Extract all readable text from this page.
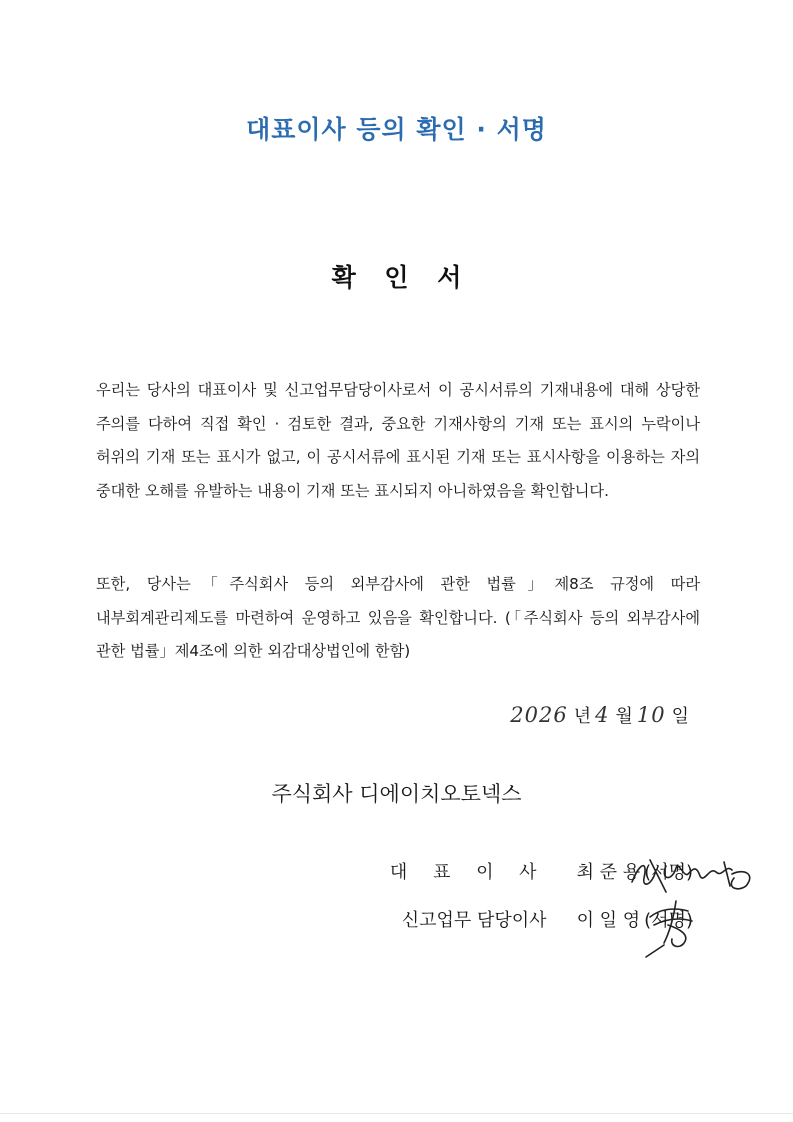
대표이사 등의 확인 · 서명
확 인 서

우리는 당사의 대표이사 및 신고업무담당이사로서 이 공시서류의 기재내용에 대해 상당한 주의를 다하여 직접 확인 · 검토한 결과, 중요한 기재사항의 기재 또는 표시의 누락이나 허위의 기재 또는 표시가 없고, 이 공시서류에 표시된 기재 또는 표시사항을 이용하는 자의 중대한 오해를 유발하는 내용이 기재 또는 표시되지 아니하였음을 확인합니다.

또한, 당사는「주식회사 등의 외부감사에 관한 법률」제8조 규정에 따라 내부회계관리제도를 마련하여 운영하고 있음을 확인합니다. (「주식회사 등의 외부감사에 관한 법률」제4조에 의한 외감대상법인에 한함)

2026 년 4 월 10 일
주식회사 디에이치오토넥스
대 표 이 사 최 준 용 (서명)
신고업무 담당이사 이 일 영 (서명)
